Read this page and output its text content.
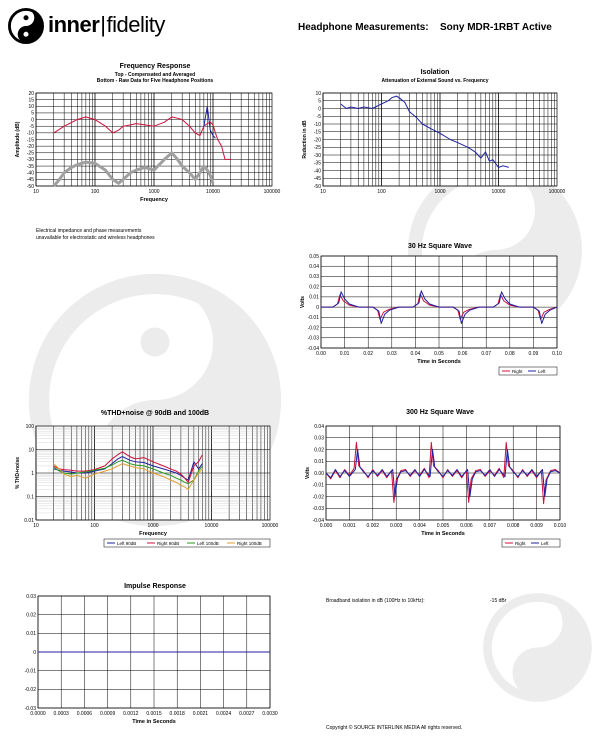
inner|fidelity	Headphone Measurements: Sony MDR-1RBT Active
Frequency Response
Top - Compensated and Averaged
Bottom - Raw Data for Five Headphone Positions
Isolation
Attenuation of External Sound vs. Frequency
Electrical impedance and phase measurements
unavailable for electrostatic and wireless headphones
30 Hz Square Wave
%THD+noise @ 90dB and 100dB	300 Hz Square Wave
Impulse Response
Broadband isolation in dB (100Hz to 10kHz):	-15 dBr
Copyright © SOURCE INTERLINK MEDIA All rights reserved.
10	100	1000	10000	100000
-50
-45
-40
-35
-30
-25
-20
-15
-10
-5
0
5
10
15
20
Frequency
Amplitude (dB)
10	100	1000	10000	100000
-50
-45
-40
-35
-30
-25
-20
-15
-10
-5
0
5
10
Reduction in dB
0.00	0.01	0.02	0.03	0.04	0.05	0.06	0.07	0.08	0.09	0.10
-0.04
-0.03
-0.02
-0.01
0
0.01
0.02
0.03
0.04
0.05
Time in Seconds
Volts
Right	Left
10	100	1000	10000	100000
0.01
0.1
1
10
100
Frequency
% THD+noise
Left 90dB	Right 90dB	Left 100dB	Right 100dB
0.000 0.001 0.002 0.003 0.004 0.005 0.006 0.007 0.008 0.009 0.010
-0.04
-0.03
-0.02
-0.01
0.00
0.01
0.02
0.03
0.04
Time in Seconds
Volts
Right	Left
0.0000 0.0003 0.0006 0.0009 0.0012 0.0015 0.0018 0.0021 0.0024 0.0027 0.0030
-0.03
-0.02
-0.01
0
0.01
0.02
0.03
Time in Seconds
